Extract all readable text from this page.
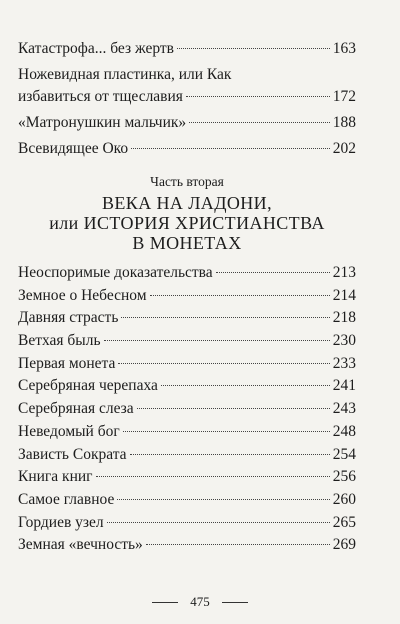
Катастрофа... без жертв	163
Ножевидная пластинка, или Как
избавиться от тщеславия	172
«Матронушкин мальчик»	188
Всевидящее Око	202
Часть вторая
ВЕКА НА ЛАДОНИ,
или ИСТОРИЯ ХРИСТИАНСТВА
В МОНЕТАХ
Неоспоримые доказательства	213
Земное о Небесном	214
Давняя страсть	218
Ветхая быль	230
Первая монета	233
Серебряная черепаха	241
Серебряная слеза	243
Неведомый бог	248
Зависть Сократа	254
Книга книг	256
Самое главное	260
Гордиев узел	265
Земная «вечность»	269
475
